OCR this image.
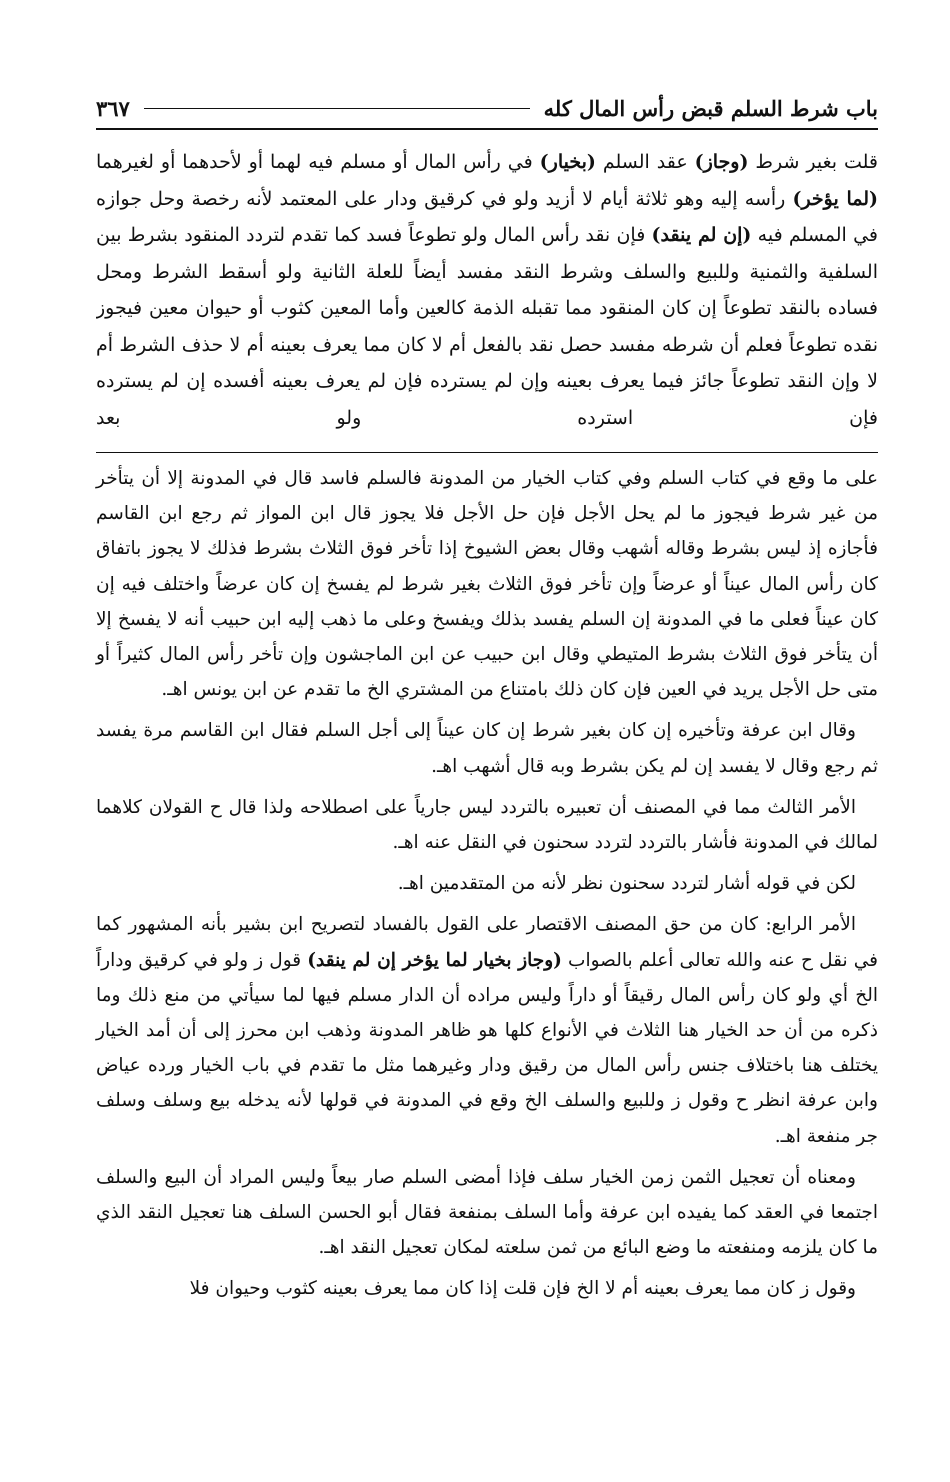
باب شرط السلم قبض رأس المال كله
٣٦٧

قلت بغير شرط (وجاز) عقد السلم (بخيار) في رأس المال أو مسلم فيه لهما أو لأحدهما أو لغيرهما (لما يؤخر) رأسه إليه وهو ثلاثة أيام لا أزيد ولو في كرقيق ودار على المعتمد لأنه رخصة وحل جوازه في المسلم فيه (إن لم ينقد) فإن نقد رأس المال ولو تطوعاً فسد كما تقدم لتردد المنقود بشرط بين السلفية والثمنية وللبيع والسلف وشرط النقد مفسد أيضاً للعلة الثانية ولو أسقط الشرط ومحل فساده بالنقد تطوعاً إن كان المنقود مما تقبله الذمة كالعين وأما المعين كثوب أو حيوان معين فيجوز نقده تطوعاً فعلم أن شرطه مفسد حصل نقد بالفعل أم لا كان مما يعرف بعينه أم لا حذف الشرط أم لا وإن النقد تطوعاً جائز فيما يعرف بعينه وإن لم يسترده فإن لم يعرف بعينه أفسده إن لم يسترده فإن استرده ولو بعد

على ما وقع في كتاب السلم وفي كتاب الخيار من المدونة فالسلم فاسد قال في المدونة إلا أن يتأخر من غير شرط فيجوز ما لم يحل الأجل فإن حل الأجل فلا يجوز قال ابن المواز ثم رجع ابن القاسم فأجازه إذ ليس بشرط وقاله أشهب وقال بعض الشيوخ إذا تأخر فوق الثلاث بشرط فذلك لا يجوز باتفاق كان رأس المال عيناً أو عرضاً وإن تأخر فوق الثلاث بغير شرط لم يفسخ إن كان عرضاً واختلف فيه إن كان عيناً فعلى ما في المدونة إن السلم يفسد بذلك ويفسخ وعلى ما ذهب إليه ابن حبيب أنه لا يفسخ إلا أن يتأخر فوق الثلاث بشرط المتيطي وقال ابن حبيب عن ابن الماجشون وإن تأخر رأس المال كثيراً أو متى حل الأجل يريد في العين فإن كان ذلك بامتناع من المشتري الخ ما تقدم عن ابن يونس اهـ.

وقال ابن عرفة وتأخيره إن كان بغير شرط إن كان عيناً إلى أجل السلم فقال ابن القاسم مرة يفسد ثم رجع وقال لا يفسد إن لم يكن بشرط وبه قال أشهب اهـ.

الأمر الثالث مما في المصنف أن تعبيره بالتردد ليس جارياً على اصطلاحه ولذا قال ح القولان كلاهما لمالك في المدونة فأشار بالتردد لتردد سحنون في النقل عنه اهـ.

لكن في قوله أشار لتردد سحنون نظر لأنه من المتقدمين اهـ.

الأمر الرابع: كان من حق المصنف الاقتصار على القول بالفساد لتصريح ابن بشير بأنه المشهور كما في نقل ح عنه والله تعالى أعلم بالصواب (وجاز بخيار لما يؤخر إن لم ينقد) قول ز ولو في كرقيق وداراً الخ أي ولو كان رأس المال رقيقاً أو داراً وليس مراده أن الدار مسلم فيها لما سيأتي من منع ذلك وما ذكره من أن حد الخيار هنا الثلاث في الأنواع كلها هو ظاهر المدونة وذهب ابن محرز إلى أن أمد الخيار يختلف هنا باختلاف جنس رأس المال من رقيق ودار وغيرهما مثل ما تقدم في باب الخيار ورده عياض وابن عرفة انظر ح وقول ز وللبيع والسلف الخ وقع في المدونة في قولها لأنه يدخله بيع وسلف وسلف جر منفعة اهـ.

ومعناه أن تعجيل الثمن زمن الخيار سلف فإذا أمضى السلم صار بيعاً وليس المراد أن البيع والسلف اجتمعا في العقد كما يفيده ابن عرفة وأما السلف بمنفعة فقال أبو الحسن السلف هنا تعجيل النقد الذي ما كان يلزمه ومنفعته ما وضع البائع من ثمن سلعته لمكان تعجيل النقد اهـ.

وقول ز كان مما يعرف بعينه أم لا الخ فإن قلت إذا كان مما يعرف بعينه كثوب وحيوان فلا
